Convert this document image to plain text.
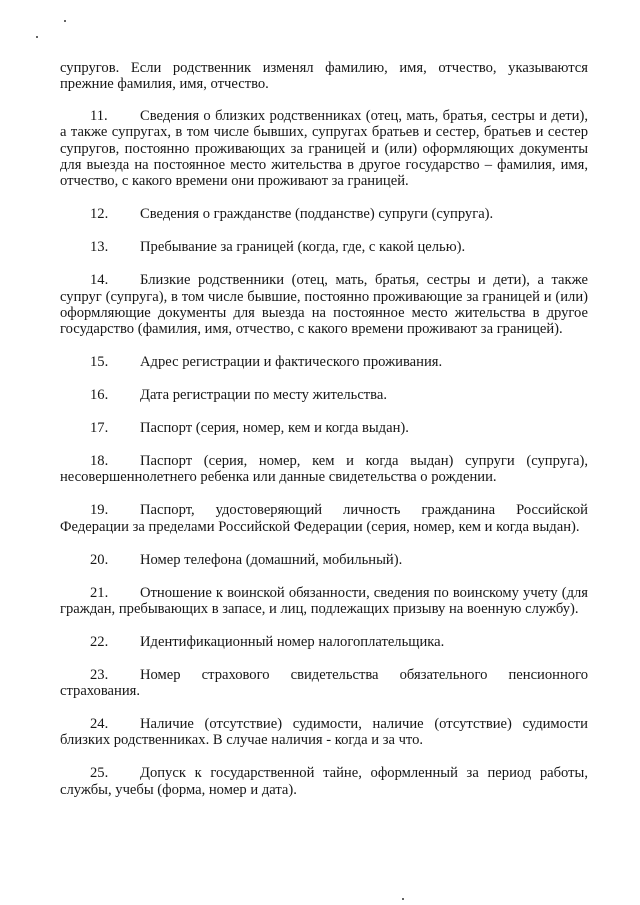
супругов. Если родственник изменял фамилию, имя, отчество, указываются прежние фамилия, имя, отчество.

11. Сведения о близких родственниках (отец, мать, братья, сестры и дети), а также супругах, в том числе бывших, супругах братьев и сестер, братьев и сестер супругов, постоянно проживающих за границей и (или) оформляющих документы для выезда на постоянное место жительства в другое государство – фамилия, имя, отчество, с какого времени они проживают за границей.

12. Сведения о гражданстве (подданстве) супруги (супруга).

13. Пребывание за границей (когда, где, с какой целью).

14. Близкие родственники (отец, мать, братья, сестры и дети), а также супруг (супруга), в том числе бывшие, постоянно проживающие за границей и (или) оформляющие документы для выезда на постоянное место жительства в другое государство (фамилия, имя, отчество, с какого времени проживают за границей).

15. Адрес регистрации и фактического проживания.

16. Дата регистрации по месту жительства.

17. Паспорт (серия, номер, кем и когда выдан).

18. Паспорт (серия, номер, кем и когда выдан) супруги (супруга), несовершеннолетнего ребенка или данные свидетельства о рождении.

19. Паспорт, удостоверяющий личность гражданина Российской Федерации за пределами Российской Федерации (серия, номер, кем и когда выдан).

20. Номер телефона (домашний, мобильный).

21. Отношение к воинской обязанности, сведения по воинскому учету (для граждан, пребывающих в запасе, и лиц, подлежащих призыву на военную службу).

22. Идентификационный номер налогоплательщика.

23. Номер страхового свидетельства обязательного пенсионного страхования.

24. Наличие (отсутствие) судимости, наличие (отсутствие) судимости близких родственниках. В случае наличия - когда и за что.

25. Допуск к государственной тайне, оформленный за период работы, службы, учебы (форма, номер и дата).
